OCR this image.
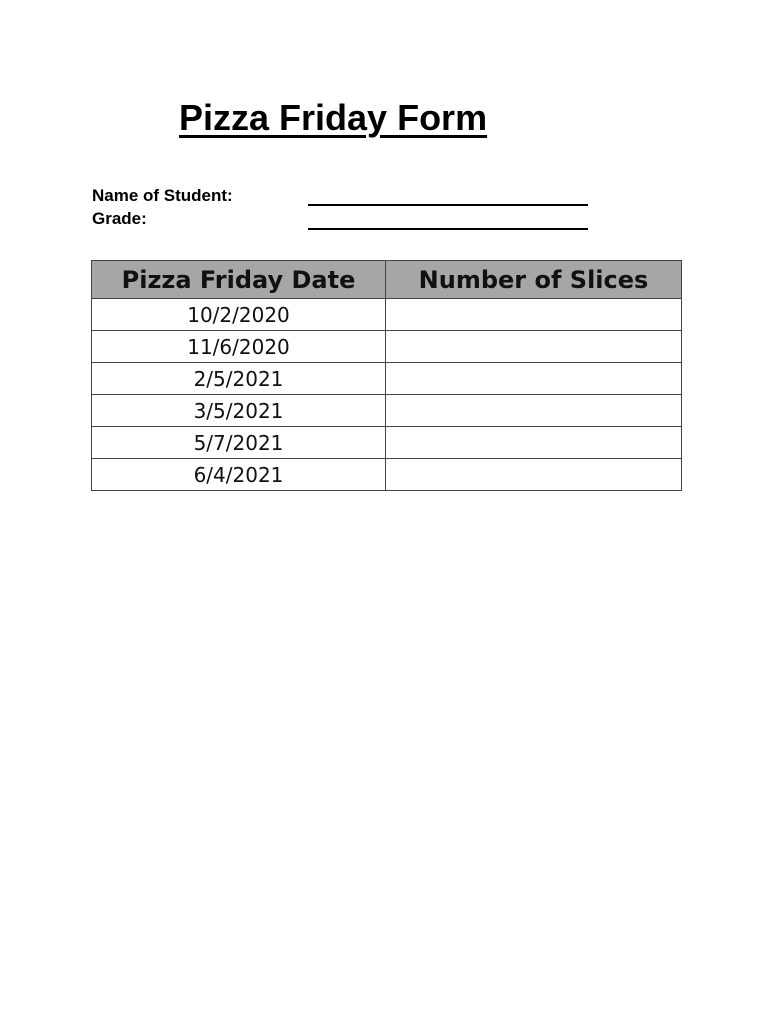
Pizza Friday Form
Name of Student:
Grade:
Pizza Friday Date	Number of Slices
10/2/2020	
11/6/2020	
2/5/2021	
3/5/2021	
5/7/2021	
6/4/2021	
